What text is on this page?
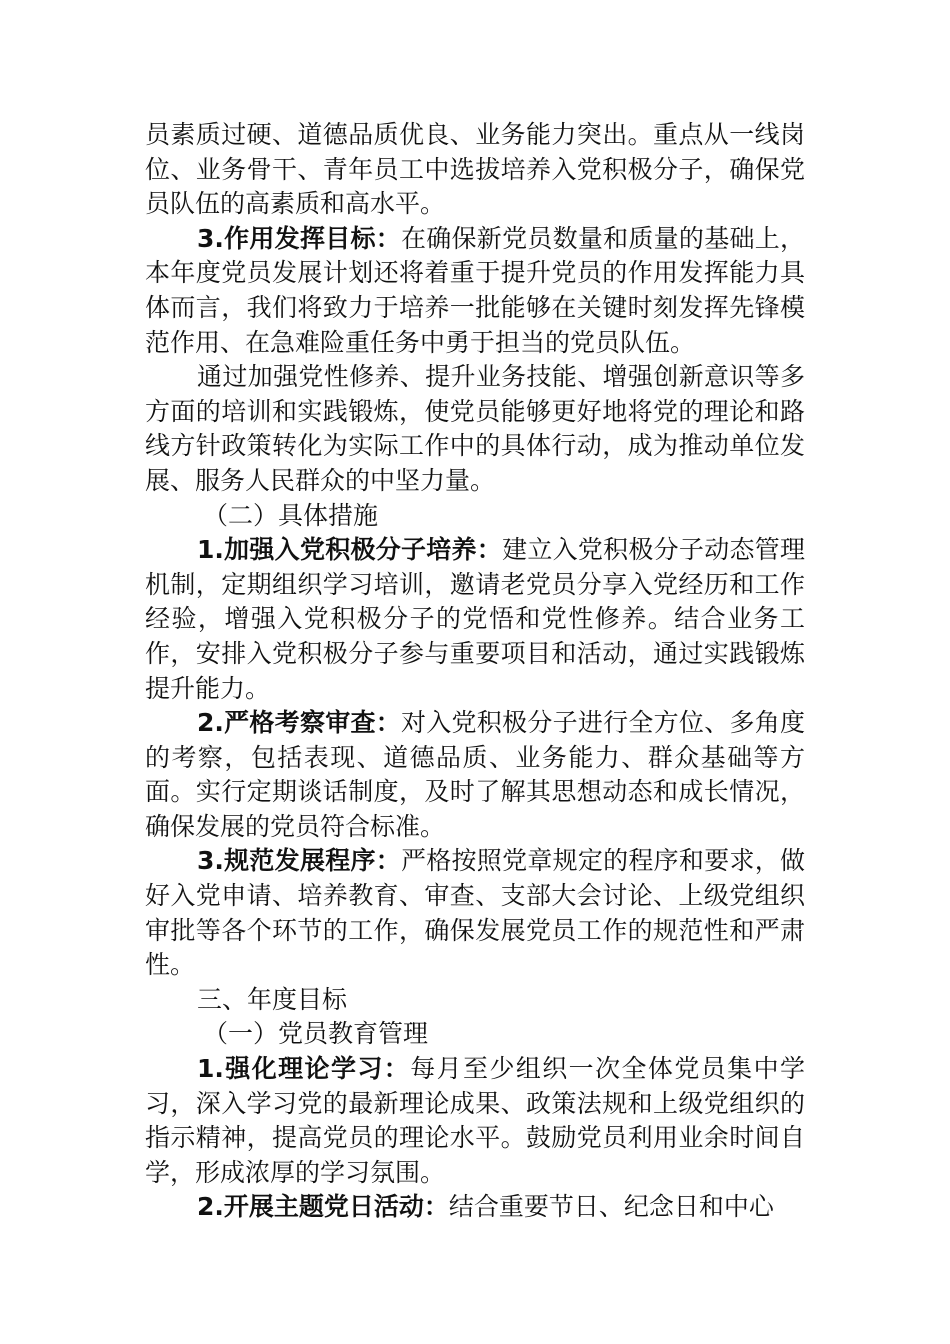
员素质过硬、道德品质优良、业务能力突出。重点从一线岗位、业务骨干、青年员工中选拔培养入党积极分子，确保党员队伍的高素质和高水平。

3.作用发挥目标：在确保新党员数量和质量的基础上，本年度党员发展计划还将着重于提升党员的作用发挥能力具体而言，我们将致力于培养一批能够在关键时刻发挥先锋模范作用、在急难险重任务中勇于担当的党员队伍。

通过加强党性修养、提升业务技能、增强创新意识等多方面的培训和实践锻炼，使党员能够更好地将党的理论和路线方针政策转化为实际工作中的具体行动，成为推动单位发展、服务人民群众的中坚力量。

（二）具体措施

1.加强入党积极分子培养：建立入党积极分子动态管理机制，定期组织学习培训，邀请老党员分享入党经历和工作经验，增强入党积极分子的党悟和党性修养。结合业务工作，安排入党积极分子参与重要项目和活动，通过实践锻炼提升能力。

2.严格考察审查：对入党积极分子进行全方位、多角度的考察，包括表现、道德品质、业务能力、群众基础等方面。实行定期谈话制度，及时了解其思想动态和成长情况，确保发展的党员符合标准。

3.规范发展程序：严格按照党章规定的程序和要求，做好入党申请、培养教育、审查、支部大会讨论、上级党组织审批等各个环节的工作，确保发展党员工作的规范性和严肃性。

三、年度目标

（一）党员教育管理

1.强化理论学习：每月至少组织一次全体党员集中学习，深入学习党的最新理论成果、政策法规和上级党组织的指示精神，提高党员的理论水平。鼓励党员利用业余时间自学，形成浓厚的学习氛围。

2.开展主题党日活动：结合重要节日、纪念日和中心
